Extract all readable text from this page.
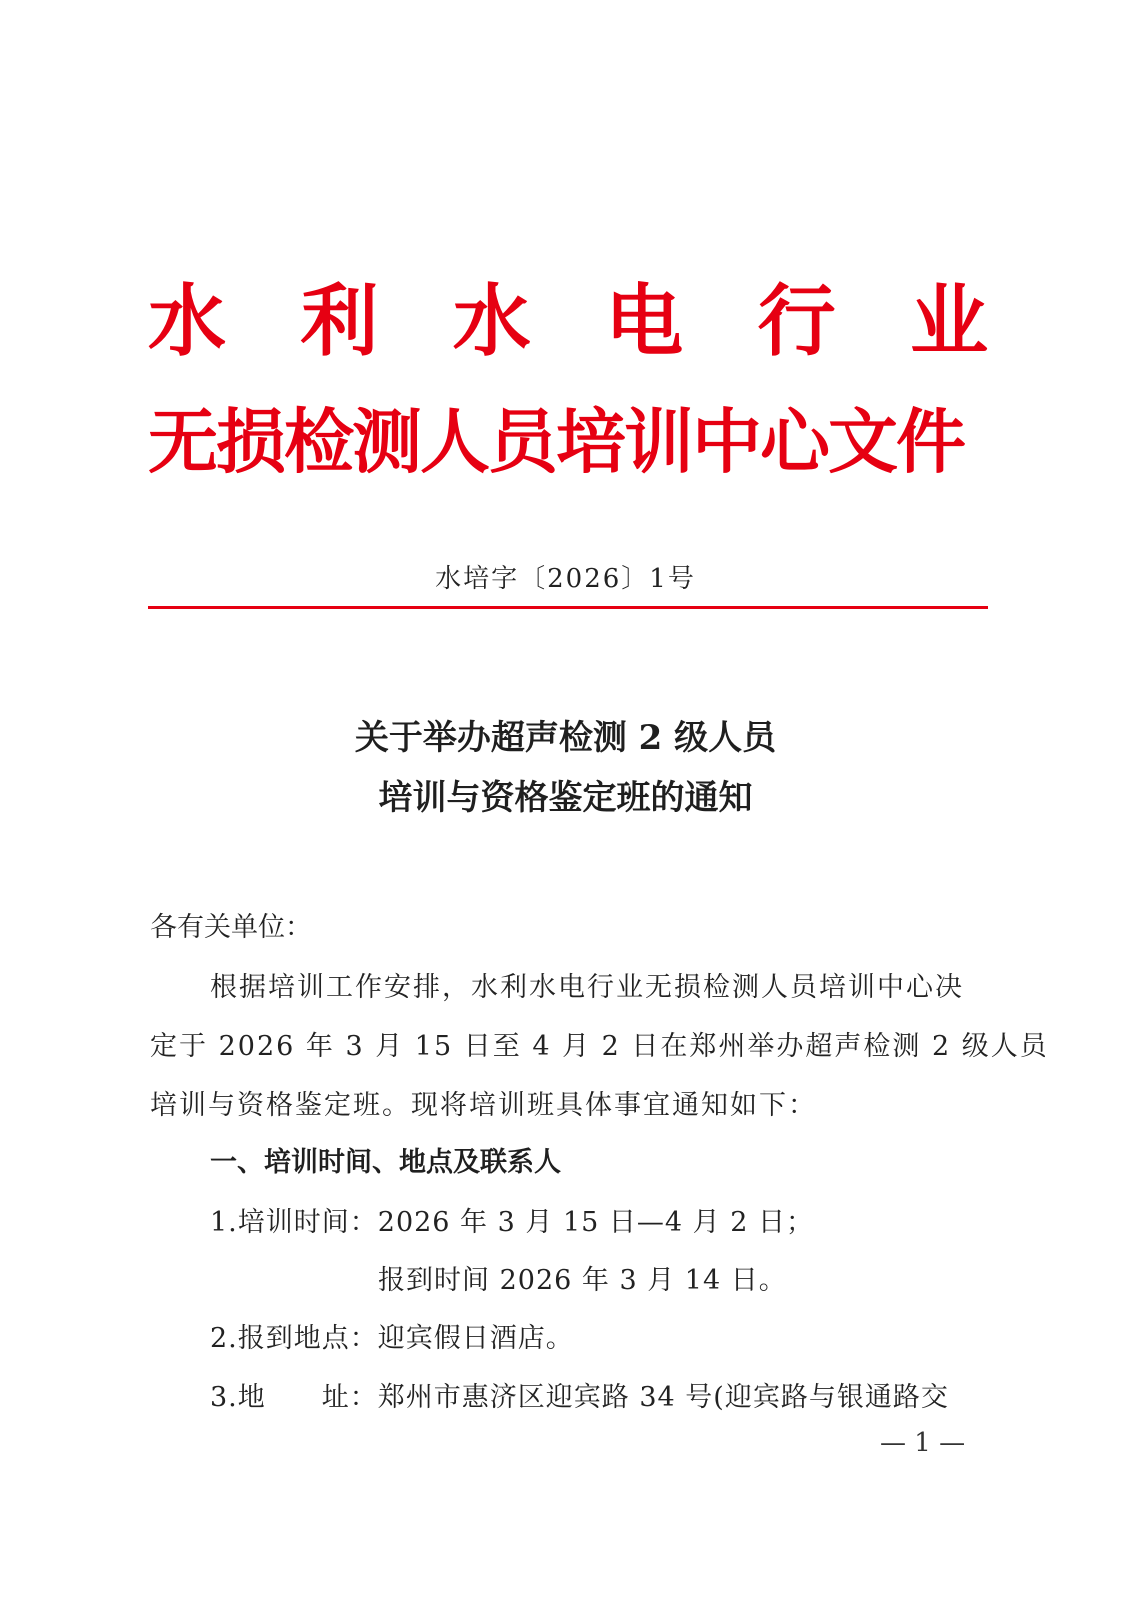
水 利 水 电 行 业
无损检测人员培训中心文件
水培字〔2026〕1号
关于举办超声检测 2 级人员
培训与资格鉴定班的通知
各有关单位：
根据培训工作安排，水利水电行业无损检测人员培训中心决
定于 2026 年 3 月 15 日至 4 月 2 日在郑州举办超声检测 2 级人员
培训与资格鉴定班。现将培训班具体事宜通知如下：
一、培训时间、地点及联系人
1.培训时间：2026 年 3 月 15 日—4 月 2 日；
报到时间 2026 年 3 月 14 日。
2.报到地点：迎宾假日酒店。
3.地　　址：郑州市惠济区迎宾路 34 号(迎宾路与银通路交
— 1 —
